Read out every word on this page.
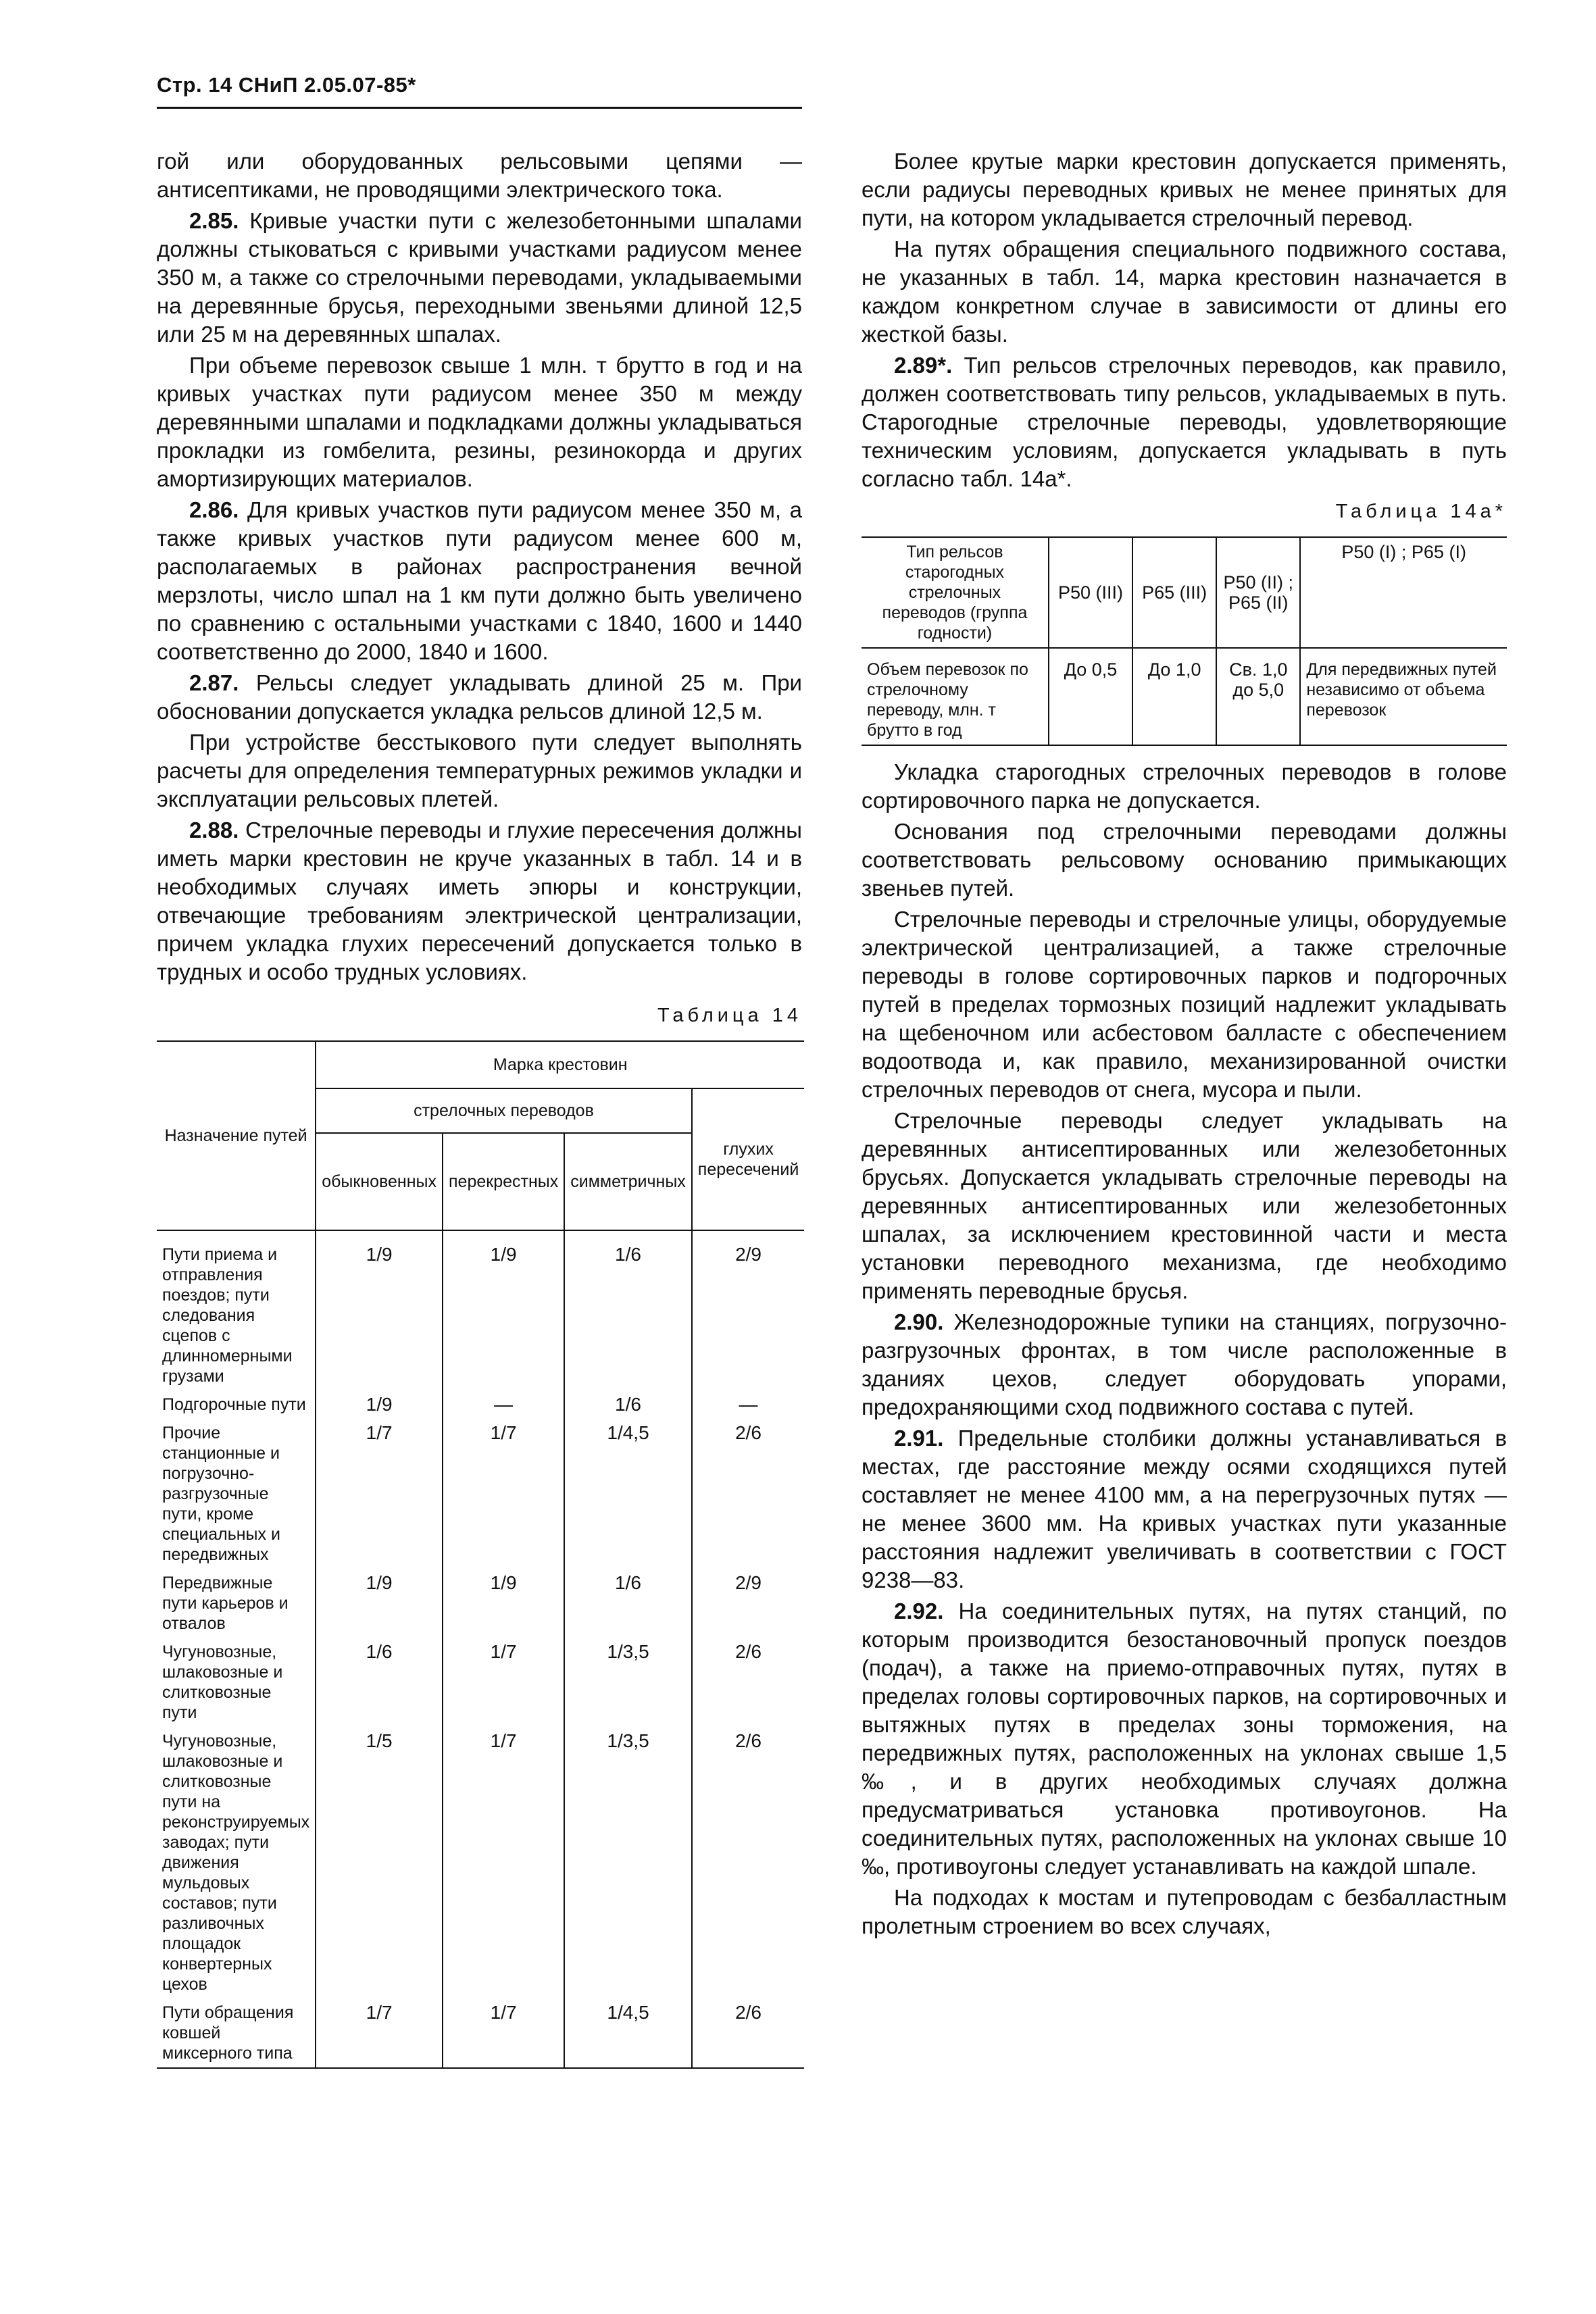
Стр. 14 СНиП 2.05.07-85*

гой или оборудованных рельсовыми цепями — антисептиками, не проводящими электрического тока.

2.85. Кривые участки пути с железобетонными шпалами должны стыковаться с кривыми участками радиусом менее 350 м, а также со стрелочными переводами, укладываемыми на деревянные брусья, переходными звеньями длиной 12,5 или 25 м на деревянных шпалах.

При объеме перевозок свыше 1 млн. т брутто в год и на кривых участках пути радиусом менее 350 м между деревянными шпалами и подкладками должны укладываться прокладки из гомбелита, резины, резинокорда и других амортизирующих материалов.

2.86. Для кривых участков пути радиусом менее 350 м, а также кривых участков пути радиусом менее 600 м, располагаемых в районах распространения вечной мерзлоты, число шпал на 1 км пути должно быть увеличено по сравнению с остальными участками с 1840, 1600 и 1440 соответственно до 2000, 1840 и 1600.

2.87. Рельсы следует укладывать длиной 25 м. При обосновании допускается укладка рельсов длиной 12,5 м.

При устройстве бесстыкового пути следует выполнять расчеты для определения температурных режимов укладки и эксплуатации рельсовых плетей.

2.88. Стрелочные переводы и глухие пересечения должны иметь марки крестовин не круче указанных в табл. 14 и в необходимых случаях иметь эпюры и конструкции, отвечающие требованиям электрической централизации, причем укладка глухих пересечений допускается только в трудных и особо трудных условиях.

Таблица 14

Назначение путей	Марка крестовин			
	стрелочных переводов			глухих пересечений
	обыкновенных	перекрестных	симметричных	

Пути приема и отправления поездов; пути следования сцепов с длинномерными грузами	1/9	1/9	1/6	2/9
Подгорочные пути	1/9	—	1/6	—
Прочие станционные и погрузочно-разгрузочные пути, кроме специальных и передвижных	1/7	1/7	1/4,5	2/6
Передвижные пути карьеров и отвалов	1/9	1/9	1/6	2/9
Чугуновозные, шлаковозные и слитковозные пути	1/6	1/7	1/3,5	2/6
Чугуновозные, шлаковозные и слитковозные пути на реконструируемых заводах; пути движения мульдовых составов; пути разливочных площадок конвертерных цехов	1/5	1/7	1/3,5	2/6
Пути обращения ковшей миксерного типа	1/7	1/7	1/4,5	2/6

Более крутые марки крестовин допускается применять, если радиусы переводных кривых не менее принятых для пути, на котором укладывается стрелочный перевод.

На путях обращения специального подвижного состава, не указанных в табл. 14, марка крестовин назначается в каждом конкретном случае в зависимости от длины его жесткой базы.

2.89*. Тип рельсов стрелочных переводов, как правило, должен соответствовать типу рельсов, укладываемых в путь. Старогодные стрелочные переводы, удовлетворяющие техническим условиям, допускается укладывать в путь согласно табл. 14а*.

Таблица 14а*

Тип рельсов старогодных стрелочных переводов (группа годности)	Р50 (III)	Р65 (III)	Р50 (II) ; Р65 (II)	Р50 (I) ; Р65 (I)
Объем перевозок по стрелочному переводу, млн. т брутто в год	До 0,5	До 1,0	Св. 1,0 до 5,0	Для передвижных путей независимо от объема перевозок

Укладка старогодных стрелочных переводов в голове сортировочного парка не допускается.

Основания под стрелочными переводами должны соответствовать рельсовому основанию примыкающих звеньев путей.

Стрелочные переводы и стрелочные улицы, оборудуемые электрической централизацией, а также стрелочные переводы в голове сортировочных парков и подгорочных путей в пределах тормозных позиций надлежит укладывать на щебеночном или асбестовом балласте с обеспечением водоотвода и, как правило, механизированной очистки стрелочных переводов от снега, мусора и пыли.

Стрелочные переводы следует укладывать на деревянных антисептированных или железобетонных брусьях. Допускается укладывать стрелочные переводы на деревянных антисептированных или железобетонных шпалах, за исключением крестовинной части и места установки переводного механизма, где необходимо применять переводные брусья.

2.90. Железнодорожные тупики на станциях, погрузочно-разгрузочных фронтах, в том числе расположенные в зданиях цехов, следует оборудовать упорами, предохраняющими сход подвижного состава с путей.

2.91. Предельные столбики должны устанавливаться в местах, где расстояние между осями сходящихся путей составляет не менее 4100 мм, а на перегрузочных путях — не менее 3600 мм. На кривых участках пути указанные расстояния надлежит увеличивать в соответствии с ГОСТ 9238—83.

2.92. На соединительных путях, на путях станций, по которым производится безостановочный пропуск поездов (подач), а также на приемо-отправочных путях, путях в пределах головы сортировочных парков, на сортировочных и вытяжных путях в пределах зоны торможения, на передвижных путях, расположенных на уклонах свыше 1,5 ‰, и в других необходимых случаях должна предусматриваться установка противоугонов. На соединительных путях, расположенных на уклонах свыше 10 ‰, противоугоны следует устанавливать на каждой шпале.

На подходах к мостам и путепроводам с безбалластным пролетным строением во всех случаях,
